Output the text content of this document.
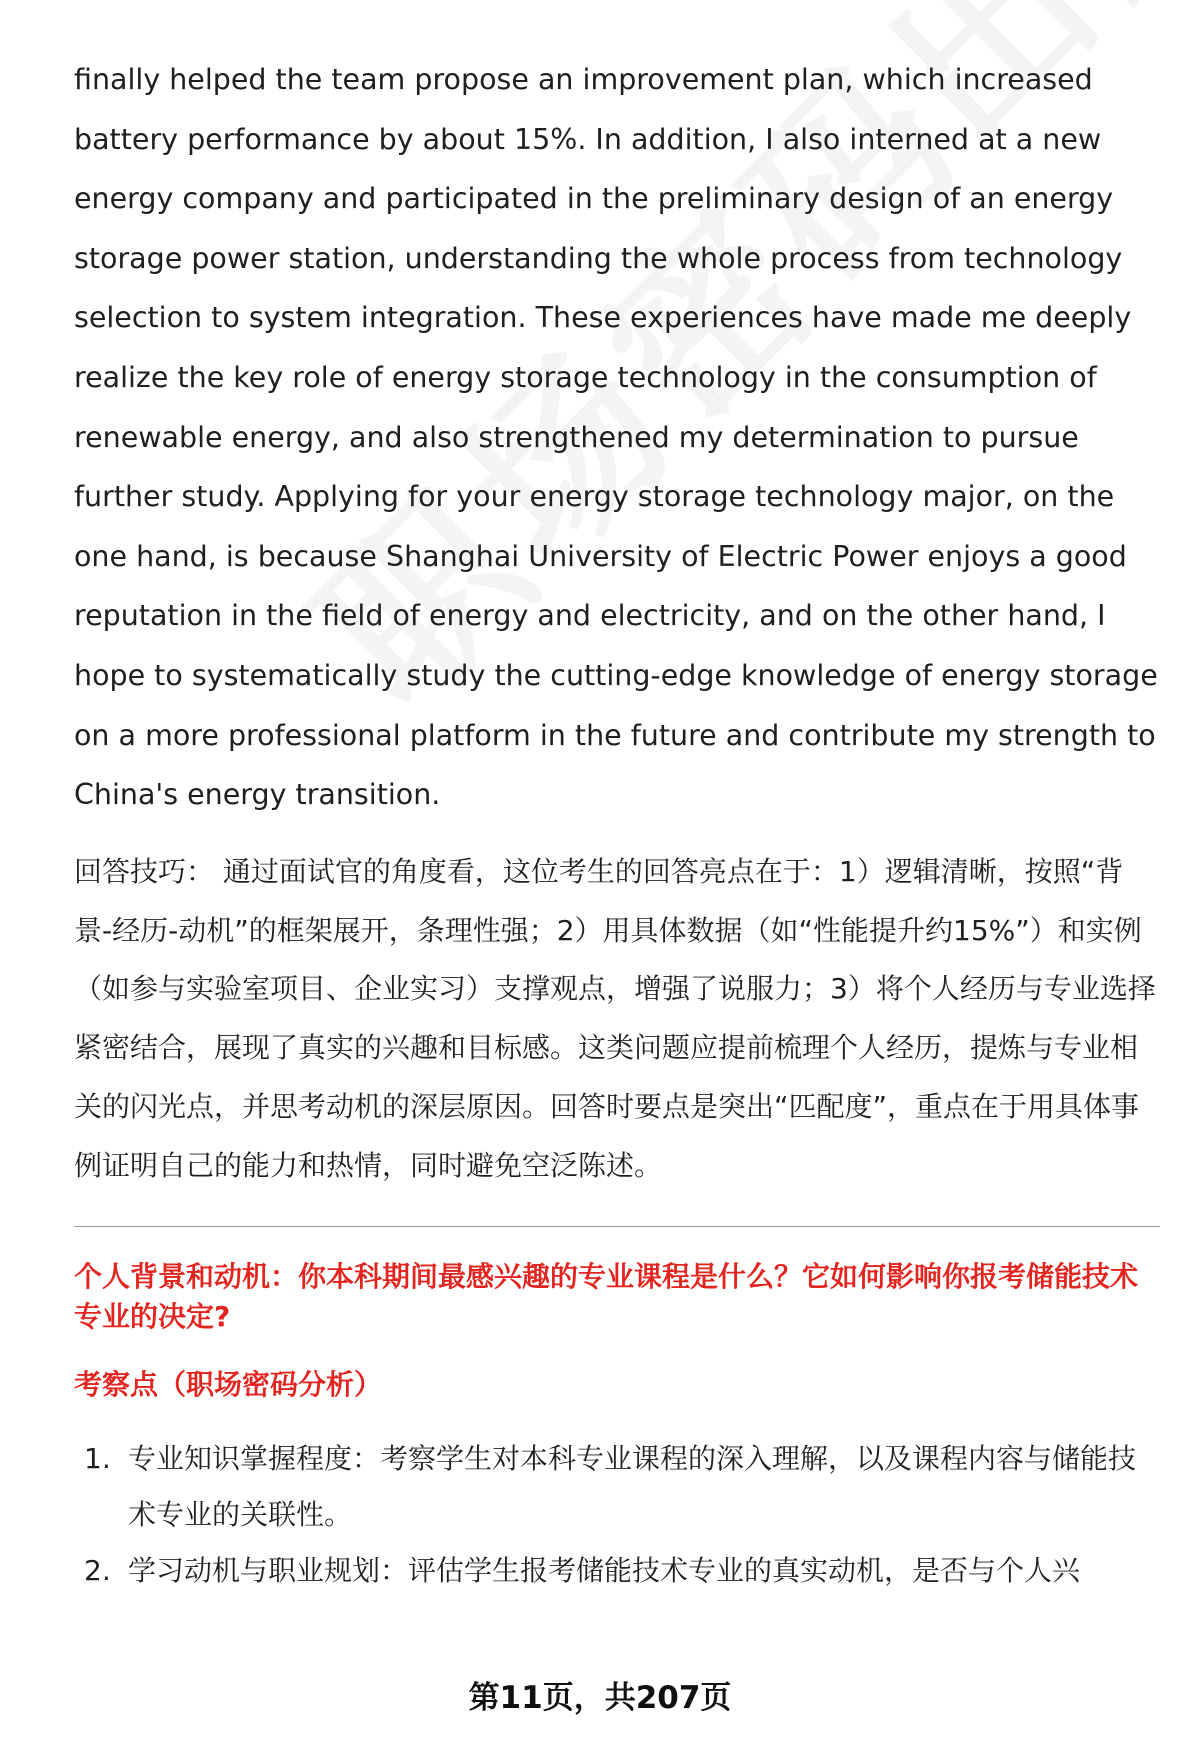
finally helped the team propose an improvement plan, which increased battery performance by about 15%. In addition, I also interned at a new energy company and participated in the preliminary design of an energy storage power station, understanding the whole process from technology selection to system integration. These experiences have made me deeply realize the key role of energy storage technology in the consumption of renewable energy, and also strengthened my determination to pursue further study. Applying for your energy storage technology major, on the one hand, is because Shanghai University of Electric Power enjoys a good reputation in the field of energy and electricity, and on the other hand, I hope to systematically study the cutting-edge knowledge of energy storage on a more professional platform in the future and contribute my strength to China's energy transition.

回答技巧： 通过面试官的角度看，这位考生的回答亮点在于：1）逻辑清晰，按照“背景-经历-动机”的框架展开，条理性强；2）用具体数据（如“性能提升约15%”）和实例（如参与实验室项目、企业实习）支撑观点，增强了说服力；3）将个人经历与专业选择紧密结合，展现了真实的兴趣和目标感。这类问题应提前梳理个人经历，提炼与专业相关的闪光点，并思考动机的深层原因。回答时要点是突出“匹配度”，重点在于用具体事例证明自己的能力和热情，同时避免空泛陈述。

个人背景和动机：你本科期间最感兴趣的专业课程是什么？它如何影响你报考储能技术专业的决定?
考察点（职场密码分析）
1. 专业知识掌握程度：考察学生对本科专业课程的深入理解，以及课程内容与储能技术专业的关联性。
2. 学习动机与职业规划：评估学生报考储能技术专业的真实动机，是否与个人兴
第11页，共207页
